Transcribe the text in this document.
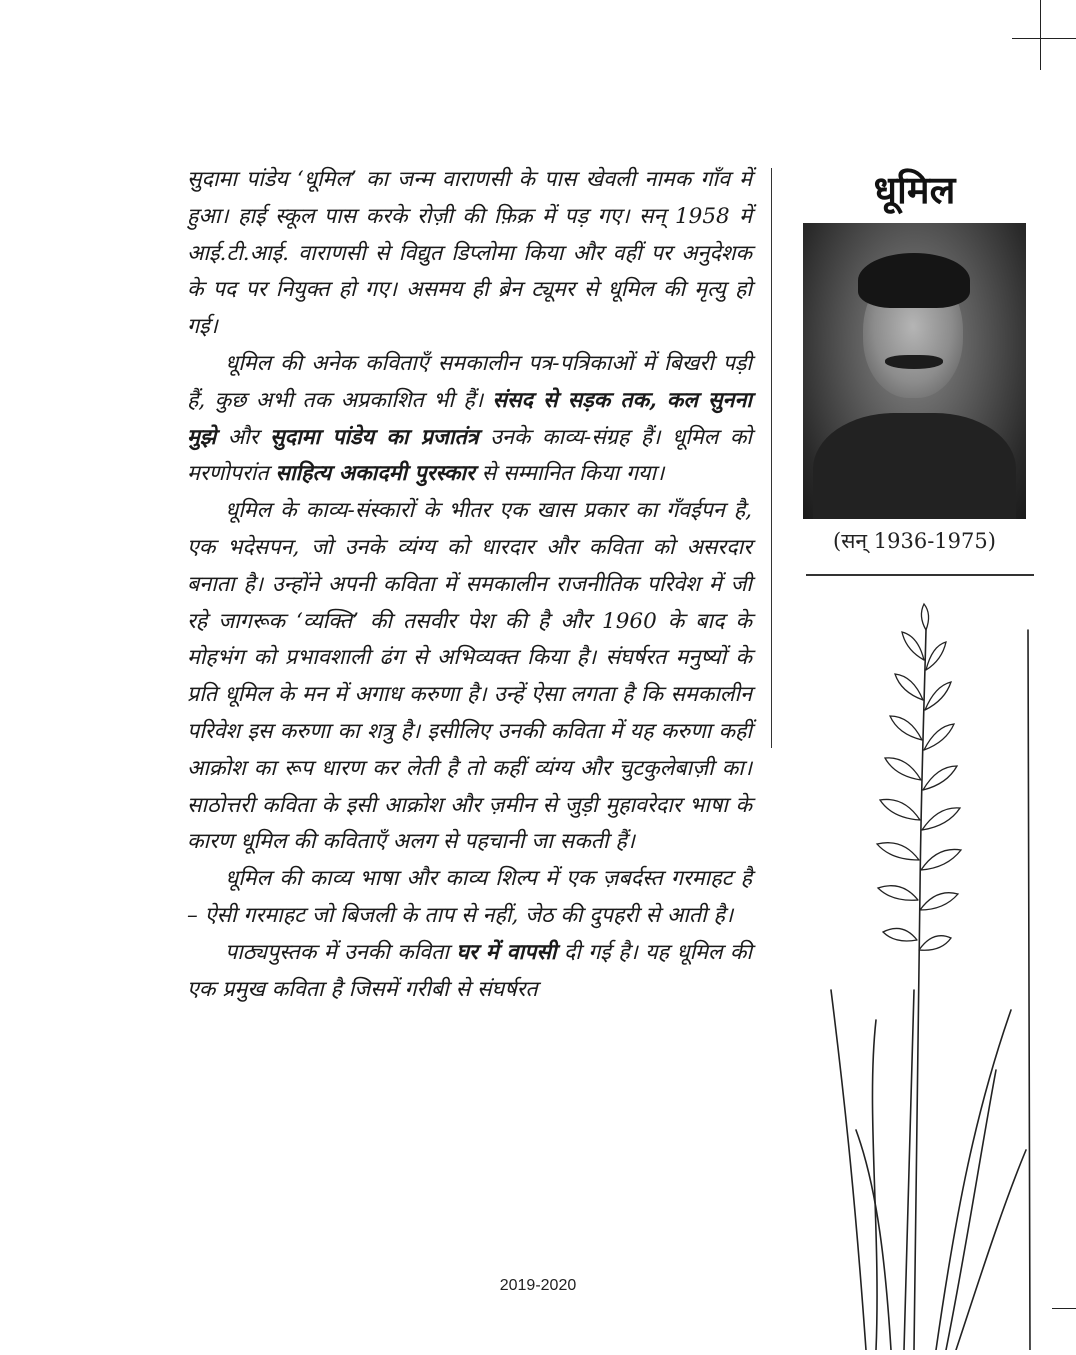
सुदामा पांडेय ‘धूमिल’ का जन्म वाराणसी के पास खेवली नामक गाँव में हुआ। हाई स्कूल पास करके रोज़ी की फ़िक्र में पड़ गए। सन् 1958 में आई.टी.आई. वाराणसी से विद्युत डिप्लोमा किया और वहीं पर अनुदेशक के पद पर नियुक्त हो गए। असमय ही ब्रेन ट्यूमर से धूमिल की मृत्यु हो गई।

धूमिल की अनेक कविताएँ समकालीन पत्र-पत्रिकाओं में बिखरी पड़ी हैं, कुछ अभी तक अप्रकाशित भी हैं। संसद से सड़क तक, कल सुनना मुझे और सुदामा पांडेय का प्रजातंत्र उनके काव्य-संग्रह हैं। धूमिल को मरणोपरांत साहित्य अकादमी पुरस्कार से सम्मानित किया गया।

धूमिल के काव्य-संस्कारों के भीतर एक खास प्रकार का गँवईपन है, एक भदेसपन, जो उनके व्यंग्य को धारदार और कविता को असरदार बनाता है। उन्होंने अपनी कविता में समकालीन राजनीतिक परिवेश में जी रहे जागरूक ‘व्यक्ति’ की तसवीर पेश की है और 1960 के बाद के मोहभंग को प्रभावशाली ढंग से अभिव्यक्त किया है। संघर्षरत मनुष्यों के प्रति धूमिल के मन में अगाध करुणा है। उन्हें ऐसा लगता है कि समकालीन परिवेश इस करुणा का शत्रु है। इसीलिए उनकी कविता में यह करुणा कहीं आक्रोश का रूप धारण कर लेती है तो कहीं व्यंग्य और चुटकुलेबाज़ी का। साठोत्तरी कविता के इसी आक्रोश और ज़मीन से जुड़ी मुहावरेदार भाषा के कारण धूमिल की कविताएँ अलग से पहचानी जा सकती हैं।

धूमिल की काव्य भाषा और काव्य शिल्प में एक ज़बर्दस्त गरमाहट है – ऐसी गरमाहट जो बिजली के ताप से नहीं, जेठ की दुपहरी से आती है।

पाठ्यपुस्तक में उनकी कविता घर में वापसी दी गई है। यह धूमिल की एक प्रमुख कविता है जिसमें गरीबी से संघर्षरत

धूमिल
(सन् 1936-1975)
2019-2020
